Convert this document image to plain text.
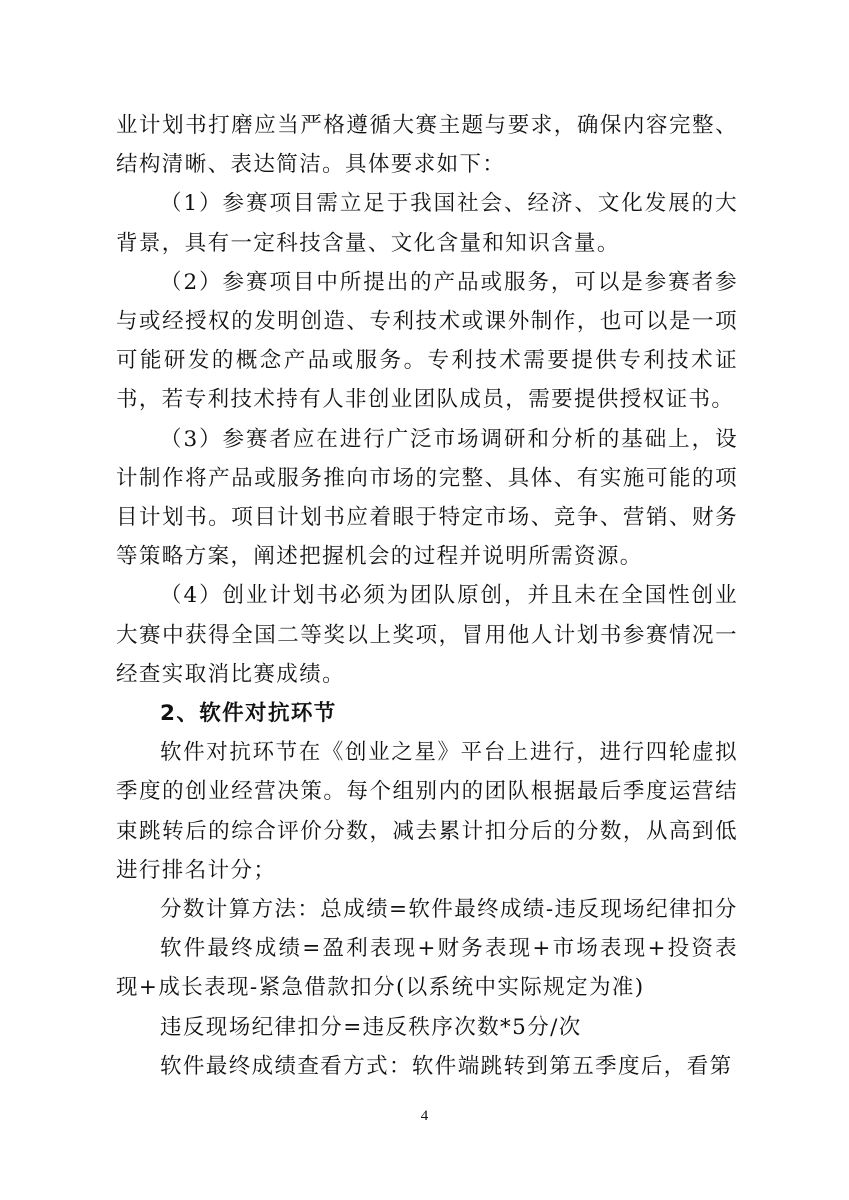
业计划书打磨应当严格遵循大赛主题与要求，确保内容完整、结构清晰、表达简洁。具体要求如下：

（1）参赛项目需立足于我国社会、经济、文化发展的大背景，具有一定科技含量、文化含量和知识含量。

（2）参赛项目中所提出的产品或服务，可以是参赛者参与或经授权的发明创造、专利技术或课外制作，也可以是一项可能研发的概念产品或服务。专利技术需要提供专利技术证书，若专利技术持有人非创业团队成员，需要提供授权证书。

（3）参赛者应在进行广泛市场调研和分析的基础上，设计制作将产品或服务推向市场的完整、具体、有实施可能的项目计划书。项目计划书应着眼于特定市场、竞争、营销、财务等策略方案，阐述把握机会的过程并说明所需资源。

（4）创业计划书必须为团队原创，并且未在全国性创业大赛中获得全国二等奖以上奖项，冒用他人计划书参赛情况一经查实取消比赛成绩。

2、软件对抗环节

软件对抗环节在《创业之星》平台上进行，进行四轮虚拟季度的创业经营决策。每个组别内的团队根据最后季度运营结束跳转后的综合评价分数，减去累计扣分后的分数，从高到低进行排名计分；

分数计算方法：总成绩=软件最终成绩-违反现场纪律扣分

软件最终成绩=盈利表现+财务表现+市场表现+投资表现+成长表现-紧急借款扣分(以系统中实际规定为准)

违反现场纪律扣分=违反秩序次数*5分/次

软件最终成绩查看方式：软件端跳转到第五季度后，看第

4
